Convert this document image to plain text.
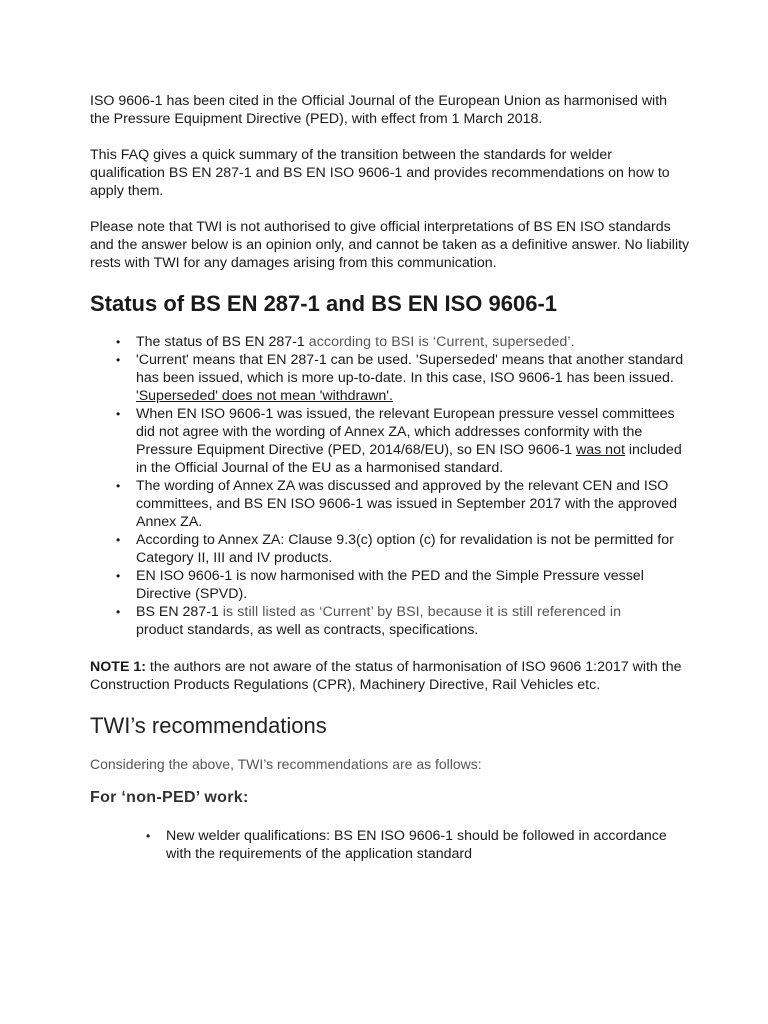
ISO 9606-1 has been cited in the Official Journal of the European Union as harmonised with the Pressure Equipment Directive (PED), with effect from 1 March 2018.

This FAQ gives a quick summary of the transition between the standards for welder qualification BS EN 287-1 and BS EN ISO 9606-1 and provides recommendations on how to apply them.

Please note that TWI is not authorised to give official interpretations of BS EN ISO standards and the answer below is an opinion only, and cannot be taken as a definitive answer. No liability rests with TWI for any damages arising from this communication.

Status of BS EN 287-1 and BS EN ISO 9606-1
• The status of BS EN 287-1 according to BSI is ‘Current, superseded’.
• 'Current' means that EN 287-1 can be used. 'Superseded' means that another standard has been issued, which is more up-to-date. In this case, ISO 9606-1 has been issued. 'Superseded' does not mean 'withdrawn'.
• When EN ISO 9606-1 was issued, the relevant European pressure vessel committees did not agree with the wording of Annex ZA, which addresses conformity with the Pressure Equipment Directive (PED, 2014/68/EU), so EN ISO 9606-1 was not included in the Official Journal of the EU as a harmonised standard.
• The wording of Annex ZA was discussed and approved by the relevant CEN and ISO committees, and BS EN ISO 9606-1 was issued in September 2017 with the approved Annex ZA.
• According to Annex ZA: Clause 9.3(c) option (c) for revalidation is not be permitted for Category II, III and IV products.
• EN ISO 9606-1 is now harmonised with the PED and the Simple Pressure vessel Directive (SPVD).
• BS EN 287-1 is still listed as ‘Current’ by BSI, because it is still referenced in
product standards, as well as contracts, specifications.

NOTE 1: the authors are not aware of the status of harmonisation of ISO 9606 1:2017 with the Construction Products Regulations (CPR), Machinery Directive, Rail Vehicles etc.

TWI’s recommendations

Considering the above, TWI’s recommendations are as follows:

For ‘non-PED’ work:
• New welder qualifications: BS EN ISO 9606-1 should be followed in accordance with the requirements of the application standard
